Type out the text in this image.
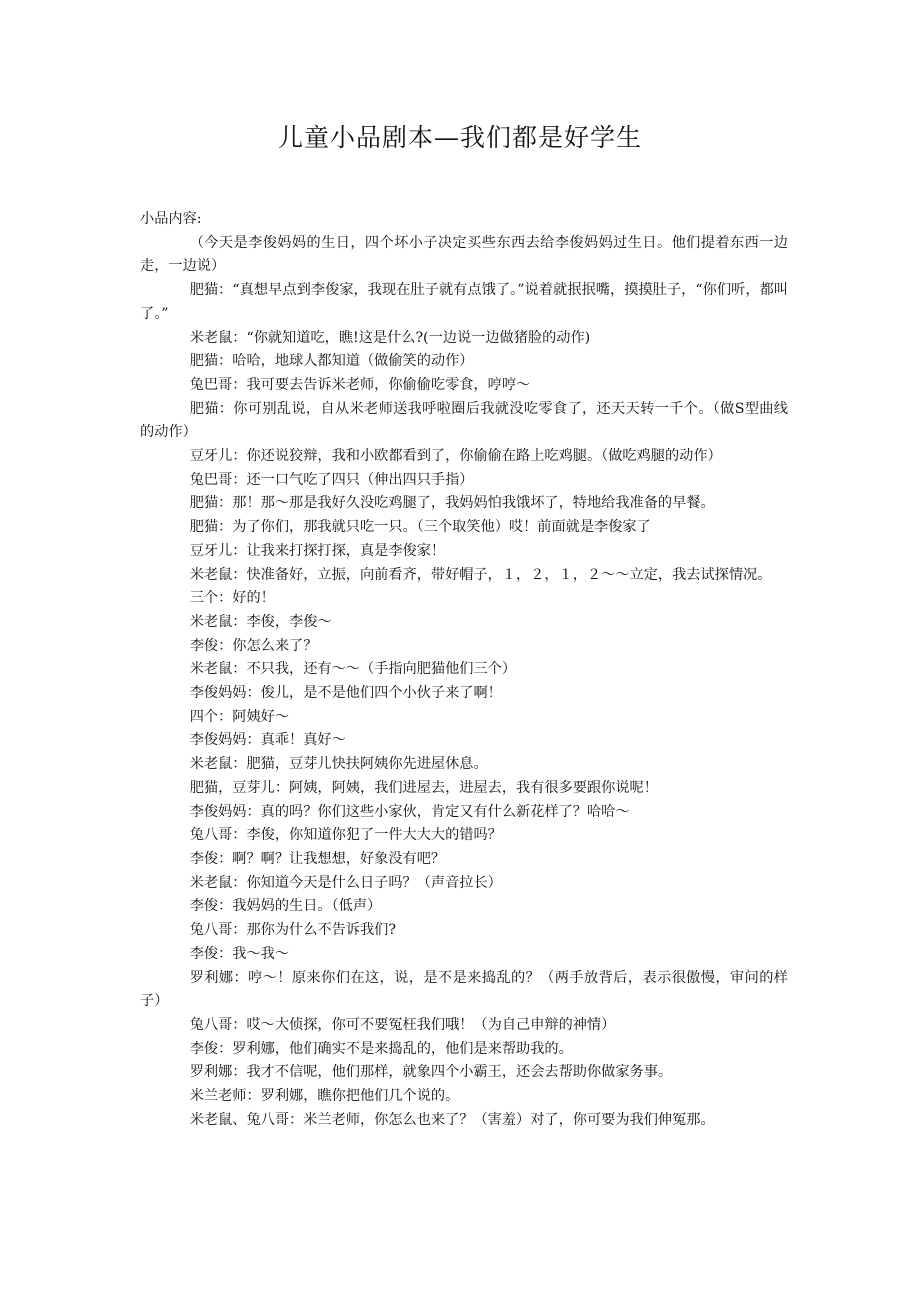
儿童小品剧本—我们都是好学生

小品内容:

（今天是李俊妈妈的生日，四个坏小子决定买些东西去给李俊妈妈过生日。他们提着东西一边走，一边说）

肥猫：“真想早点到李俊家，我现在肚子就有点饿了。”说着就抿抿嘴，摸摸肚子，“你们听，都叫了。”

米老鼠：“你就知道吃，瞧!这是什么?(一边说一边做猪脸的动作)

肥猫：哈哈，地球人都知道（做偷笑的动作）

兔巴哥：我可要去告诉米老师，你偷偷吃零食，哼哼～

肥猫：你可别乱说，自从米老师送我呼啦圈后我就没吃零食了，还天天转一千个。（做S型曲线的动作）

豆牙儿：你还说狡辩，我和小欧都看到了，你偷偷在路上吃鸡腿。（做吃鸡腿的动作）

兔巴哥：还一口气吃了四只（伸出四只手指）

肥猫：那！那～那是我好久没吃鸡腿了，我妈妈怕我饿坏了，特地给我准备的早餐。

肥猫：为了你们，那我就只吃一只。（三个取笑他）哎！前面就是李俊家了

豆牙儿：让我来打探打探，真是李俊家！

米老鼠：快准备好，立振，向前看齐，带好帽子，１，２，１，２～～立定，我去试探情况。

三个：好的！

米老鼠：李俊，李俊～

李俊：你怎么来了？

米老鼠：不只我，还有～～（手指向肥猫他们三个）

李俊妈妈：俊儿，是不是他们四个小伙子来了啊！

四个：阿姨好～

李俊妈妈：真乖！真好～

米老鼠：肥猫，豆芽儿快扶阿姨你先进屋休息。

肥猫，豆芽儿：阿姨，阿姨，我们进屋去，进屋去，我有很多要跟你说呢！

李俊妈妈：真的吗？你们这些小家伙，肯定又有什么新花样了？哈哈～

兔八哥：李俊，你知道你犯了一件大大大的错吗？

李俊：啊？啊？让我想想，好象没有吧？

米老鼠：你知道今天是什么日子吗？（声音拉长）

李俊：我妈妈的生日。（低声）

兔八哥：那你为什么不告诉我们?

李俊：我～我～

罗利娜：哼～！原来你们在这，说，是不是来捣乱的？（两手放背后，表示很傲慢，审问的样子）

兔八哥：哎～大侦探，你可不要冤枉我们哦！（为自己申辩的神情）

李俊：罗利娜，他们确实不是来捣乱的，他们是来帮助我的。

罗利娜：我才不信呢，他们那样，就象四个小霸王，还会去帮助你做家务事。

米兰老师：罗利娜，瞧你把他们几个说的。

米老鼠、兔八哥：米兰老师，你怎么也来了？（害羞）对了，你可要为我们伸冤那。
